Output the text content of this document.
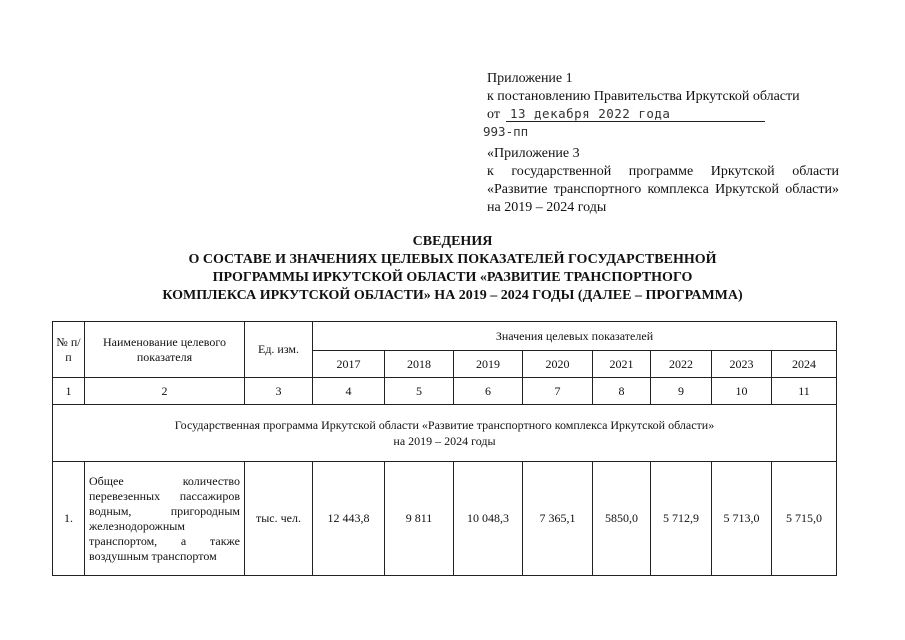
Приложение 1
к постановлению Правительства Иркутской области
от 13 декабря 2022 года
993-пп
«Приложение 3
к государственной программе Иркутской области «Развитие транспортного комплекса Иркутской области» на 2019 – 2024 годы
СВЕДЕНИЯ
О СОСТАВЕ И ЗНАЧЕНИЯХ ЦЕЛЕВЫХ ПОКАЗАТЕЛЕЙ ГОСУДАРСТВЕННОЙ
ПРОГРАММЫ ИРКУТСКОЙ ОБЛАСТИ «РАЗВИТИЕ ТРАНСПОРТНОГО
КОМПЛЕКСА ИРКУТСКОЙ ОБЛАСТИ» НА 2019 – 2024 ГОДЫ (ДАЛЕЕ – ПРОГРАММА)
№ п/п	Наименование целевого показателя	Ед. изм.	Значения целевых показателей							
			2017	2018	2019	2020	2021	2022	2023	2024
1	2	3	4	5	6	7	8	9	10	11

Государственная программа Иркутской области «Развитие транспортного комплекса Иркутской области»
на 2019 – 2024 годы										

1.	Общее количество перевезенных пассажиров водным, пригородным железнодорожным транспортом, а также воздушным транспортом	тыс. чел.	12 443,8	9 811	10 048,3	7 365,1	5850,0	5 712,9	5 713,0	5 715,0
